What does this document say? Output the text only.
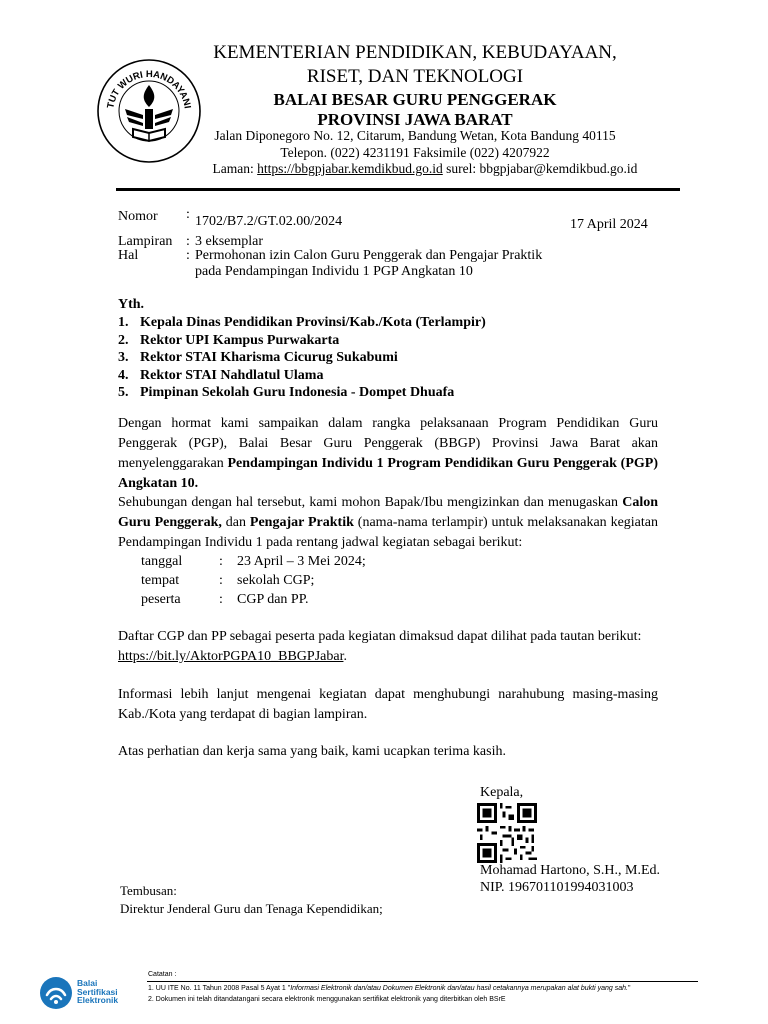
TUT WURI HANDAYANI
KEMENTERIAN PENDIDIKAN, KEBUDAYAAN,
RISET, DAN TEKNOLOGI
BALAI BESAR GURU PENGGERAK
PROVINSI JAWA BARAT
Jalan Diponegoro No. 12, Citarum, Bandung Wetan, Kota Bandung 40115
Telepon. (022) 4231191 Faksimile (022) 4207922
Laman: https://bbgpjabar.kemdikbud.go.id surel: bbgpjabar@kemdikbud.go.id
Nomor : 1702/B7.2/GT.02.00/2024	17 April 2024
Lampiran : 3 eksemplar
Hal	: Permohonan izin Calon Guru Penggerak dan Pengajar Praktik
pada Pendampingan Individu 1 PGP Angkatan 10
Yth.
1. Kepala Dinas Pendidikan Provinsi/Kab./Kota (Terlampir)
2. Rektor UPI Kampus Purwakarta
3. Rektor STAI Kharisma Cicurug Sukabumi
4. Rektor STAI Nahdlatul Ulama
5. Pimpinan Sekolah Guru Indonesia - Dompet Dhuafa
Dengan hormat kami sampaikan dalam rangka pelaksanaan Program Pendidikan Guru Penggerak (PGP), Balai Besar Guru Penggerak (BBGP) Provinsi Jawa Barat akan menyelenggarakan Pendampingan Individu 1 Program Pendidikan Guru Penggerak (PGP) Angkatan 10.
Sehubungan dengan hal tersebut, kami mohon Bapak/Ibu mengizinkan dan menugaskan Calon Guru Penggerak, dan Pengajar Praktik (nama-nama terlampir) untuk melaksanakan kegiatan Pendampingan Individu 1 pada rentang jadwal kegiatan sebagai berikut:
tanggal	: 23 April – 3 Mei 2024;
tempat	: sekolah CGP;
peserta	: CGP dan PP.
Daftar CGP dan PP sebagai peserta pada kegiatan dimaksud dapat dilihat pada tautan berikut:
https://bit.ly/AktorPGPA10_BBGPJabar.
Informasi lebih lanjut mengenai kegiatan dapat menghubungi narahubung masing-masing Kab./Kota yang terdapat di bagian lampiran.
Atas perhatian dan kerja sama yang baik, kami ucapkan terima kasih.
Kepala,
Mohamad Hartono, S.H., M.Ed.
NIP. 196701101994031003
Tembusan:
Direktur Jenderal Guru dan Tenaga Kependidikan;
Balai
Sertifikasi
Elektronik
Catatan :
1. UU ITE No. 11 Tahun 2008 Pasal 5 Ayat 1 "Informasi Elektronik dan/atau Dokumen Elektronik dan/atau hasil cetakannya merupakan alat bukti yang sah."
2. Dokumen ini telah ditandatangani secara elektronik menggunakan sertifikat elektronik yang diterbitkan oleh BSrE
